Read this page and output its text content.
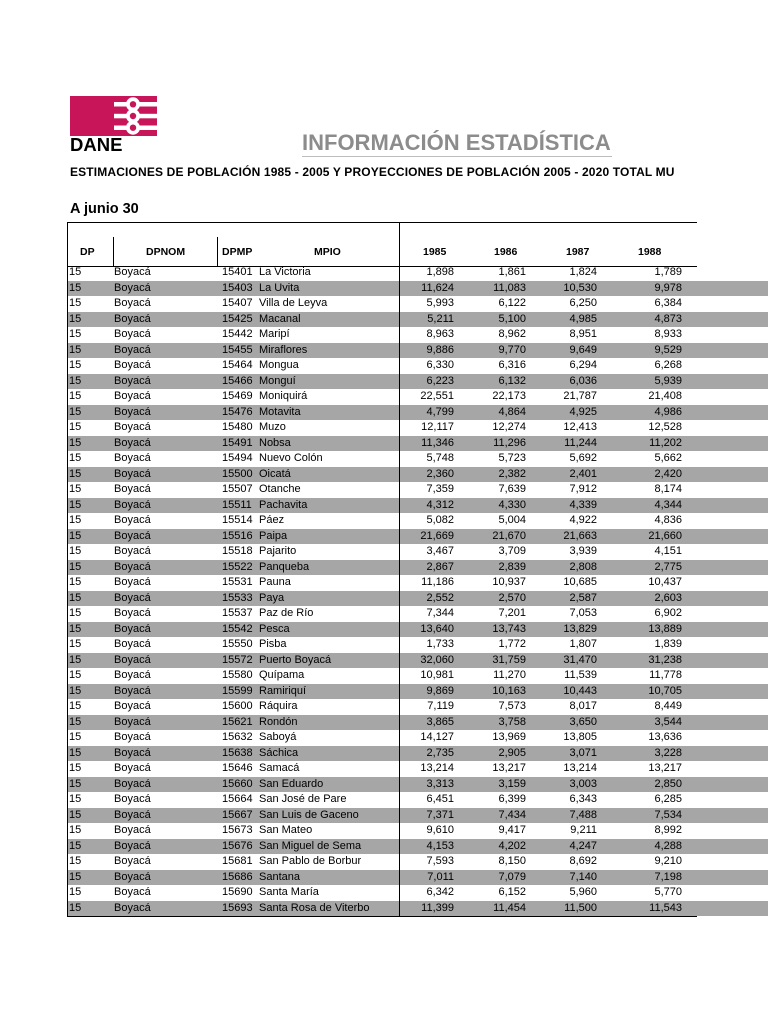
DANE	INFORMACIÓN ESTADÍSTICA
ESTIMACIONES DE POBLACIÓN 1985 - 2005 Y PROYECCIONES DE POBLACIÓN 2005 - 2020 TOTAL MU
A junio 30
DP	DPNOM	DPMP	MPIO	1985	1986	1987	1988
15	Boyacá	15401 La Victoria	1,898	1,861	1,824	1,789
15	Boyacá	15403 La Uvita	11,624	11,083	10,530	9,978
15	Boyacá	15407 Villa de Leyva	5,993	6,122	6,250	6,384
15	Boyacá	15425 Macanal	5,211	5,100	4,985	4,873
15	Boyacá	15442 Maripí	8,963	8,962	8,951	8,933
15	Boyacá	15455 Miraflores	9,886	9,770	9,649	9,529
15	Boyacá	15464 Mongua	6,330	6,316	6,294	6,268
15	Boyacá	15466 Monguí	6,223	6,132	6,036	5,939
15	Boyacá	15469 Moniquirá	22,551	22,173	21,787	21,408
15	Boyacá	15476 Motavita	4,799	4,864	4,925	4,986
15	Boyacá	15480 Muzo	12,117	12,274	12,413	12,528
15	Boyacá	15491 Nobsa	11,346	11,296	11,244	11,202
15	Boyacá	15494 Nuevo Colón	5,748	5,723	5,692	5,662
15	Boyacá	15500 Oicatá	2,360	2,382	2,401	2,420
15	Boyacá	15507 Otanche	7,359	7,639	7,912	8,174
15	Boyacá	15511 Pachavita	4,312	4,330	4,339	4,344
15	Boyacá	15514 Páez	5,082	5,004	4,922	4,836
15	Boyacá	15516 Paipa	21,669	21,670	21,663	21,660
15	Boyacá	15518 Pajarito	3,467	3,709	3,939	4,151
15	Boyacá	15522 Panqueba	2,867	2,839	2,808	2,775
15	Boyacá	15531 Pauna	11,186	10,937	10,685	10,437
15	Boyacá	15533 Paya	2,552	2,570	2,587	2,603
15	Boyacá	15537 Paz de Río	7,344	7,201	7,053	6,902
15	Boyacá	15542 Pesca	13,640	13,743	13,829	13,889
15	Boyacá	15550 Pisba	1,733	1,772	1,807	1,839
15	Boyacá	15572 Puerto Boyacá	32,060	31,759	31,470	31,238
15	Boyacá	15580 Quípama	10,981	11,270	11,539	11,778
15	Boyacá	15599 Ramiriquí	9,869	10,163	10,443	10,705
15	Boyacá	15600 Ráquira	7,119	7,573	8,017	8,449
15	Boyacá	15621 Rondón	3,865	3,758	3,650	3,544
15	Boyacá	15632 Saboyá	14,127	13,969	13,805	13,636
15	Boyacá	15638 Sáchica	2,735	2,905	3,071	3,228
15	Boyacá	15646 Samacá	13,214	13,217	13,214	13,217
15	Boyacá	15660 San Eduardo	3,313	3,159	3,003	2,850
15	Boyacá	15664 San José de Pare	6,451	6,399	6,343	6,285
15	Boyacá	15667 San Luis de Gaceno	7,371	7,434	7,488	7,534
15	Boyacá	15673 San Mateo	9,610	9,417	9,211	8,992
15	Boyacá	15676 San Miguel de Sema	4,153	4,202	4,247	4,288
15	Boyacá	15681 San Pablo de Borbur	7,593	8,150	8,692	9,210
15	Boyacá	15686 Santana	7,011	7,079	7,140	7,198
15	Boyacá	15690 Santa María	6,342	6,152	5,960	5,770
15	Boyacá	15693 Santa Rosa de Viterbo	11,399	11,454	11,500	11,543
